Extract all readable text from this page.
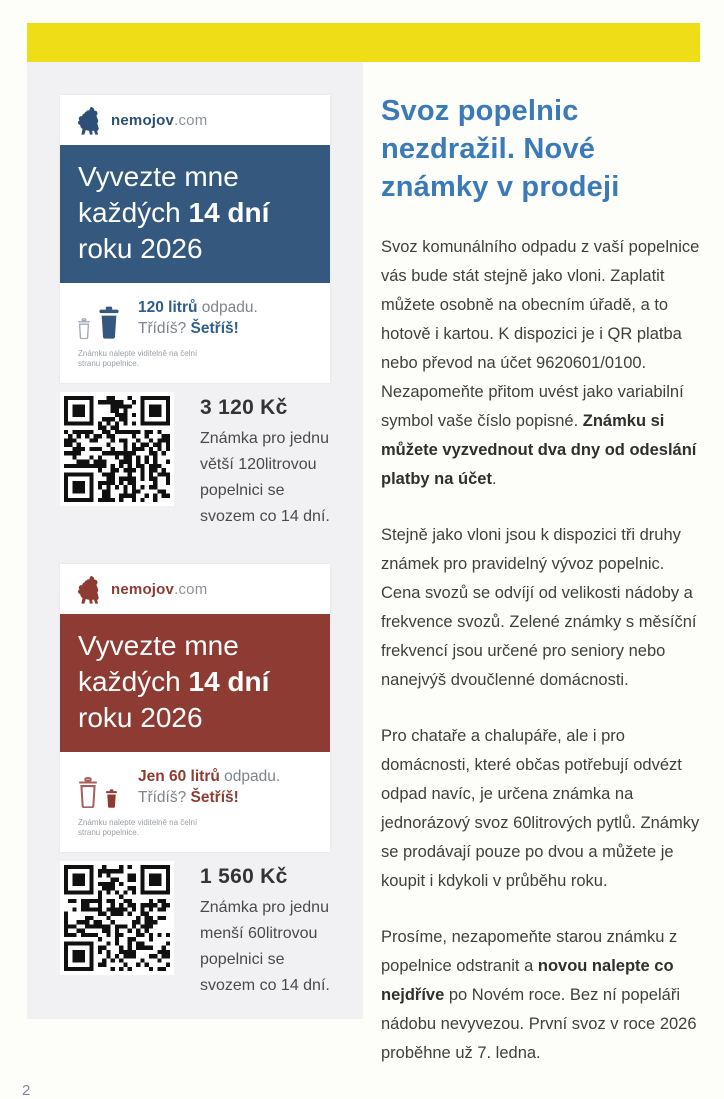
nemojov.com
Vyvezte mne
každých 14 dní
roku 2026
120 litrů odpadu.
Třídíš? Šetříš!
Známku nalepte viditelně na čelní stranu popelnice.
3 120 Kč
Známka pro jednu větší 120litrovou popelnici se svozem co 14 dní.
nemojov.com
Vyvezte mne
každých 14 dní
roku 2026
Jen 60 litrů odpadu.
Třídíš? Šetříš!
Známku nalepte viditelně na čelní stranu popelnice.
1 560 Kč
Známka pro jednu menší 60litrovou popelnici se svozem co 14 dní.
Svoz popelnic nezdražil. Nové známky v prodeji

Svoz komunálního odpadu z vaší popelnice vás bude stát stejně jako vloni. Zaplatit můžete osobně na obecním úřadě, a to hotově i kartou. K dispozici je i QR platba nebo převod na účet 9620601/0100. Nezapomeňte přitom uvést jako variabilní symbol vaše číslo popisné. Známku si můžete vyzvednout dva dny od odeslání platby na účet.

Stejně jako vloni jsou k dispozici tři druhy známek pro pravidelný vývoz popelnic. Cena svozů se odvíjí od velikosti nádoby a frekvence svozů. Zelené známky s měsíční frekvencí jsou určené pro seniory nebo nanejvýš dvoučlenné domácnosti.

Pro chataře a chalupáře, ale i pro domácnosti, které občas potřebují odvézt odpad navíc, je určena známka na jednorázový svoz 60litrových pytlů. Známky se prodávají pouze po dvou a můžete je koupit i kdykoli v průběhu roku.

Prosíme, nezapomeňte starou známku z popelnice odstranit a novou nalepte co nejdříve po Novém roce. Bez ní popeláři nádobu nevyvezou. První svoz v roce 2026 proběhne už 7. ledna.

2
